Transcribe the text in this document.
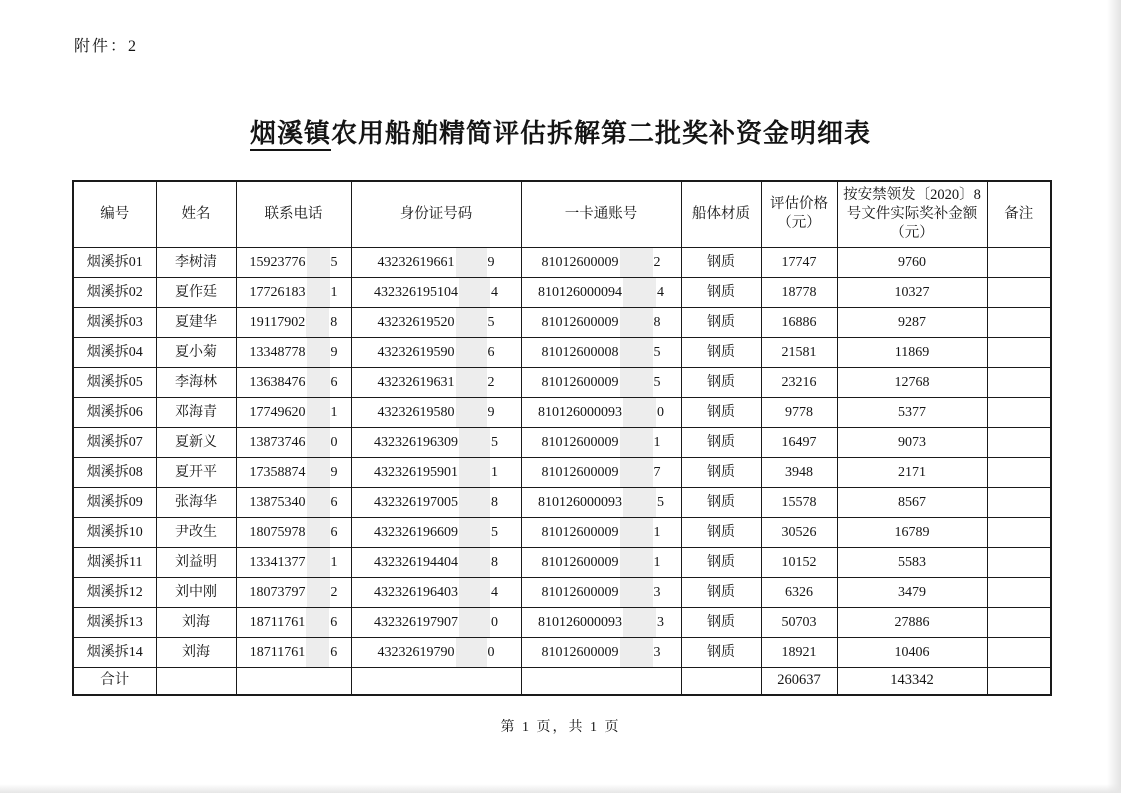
附件：2
烟溪镇农用船舶精简评估拆解第二批奖补资金明细表
编号	姓名	联系电话	身份证号码	一卡通账号	船体材质	评估价格（元）	按安禁领发〔2020〕8号文件实际奖补金额（元）	备注
烟溪拆01	李树清	15923776 5	43232619661 9	81012600009 2	钢质	17747	9760	
烟溪拆02	夏作廷	17726183 1	432326195104 4	810126000094 4	钢质	18778	10327	
烟溪拆03	夏建华	19117902 8	43232619520 5	81012600009 8	钢质	16886	9287	
烟溪拆04	夏小菊	13348778 9	43232619590 6	81012600008 5	钢质	21581	11869	
烟溪拆05	李海林	13638476 6	43232619631 2	81012600009 5	钢质	23216	12768	
烟溪拆06	邓海青	17749620 1	43232619580 9	810126000093 0	钢质	9778	5377	
烟溪拆07	夏新义	13873746 0	432326196309 5	81012600009 1	钢质	16497	9073	
烟溪拆08	夏开平	17358874 9	432326195901 1	81012600009 7	钢质	3948	2171	
烟溪拆09	张海华	13875340 6	432326197005 8	810126000093 5	钢质	15578	8567	
烟溪拆10	尹改生	18075978 6	432326196609 5	81012600009 1	钢质	30526	16789	
烟溪拆11	刘益明	13341377 1	432326194404 8	81012600009 1	钢质	10152	5583	
烟溪拆12	刘中刚	18073797 2	432326196403 4	81012600009 3	钢质	6326	3479	
烟溪拆13	刘海	18711761 6	432326197907 0	810126000093 3	钢质	50703	27886	
烟溪拆14	刘海	18711761 6	43232619790 0	81012600009 3	钢质	18921	10406	
合计						260637	143342	
第 1 页，共 1 页
